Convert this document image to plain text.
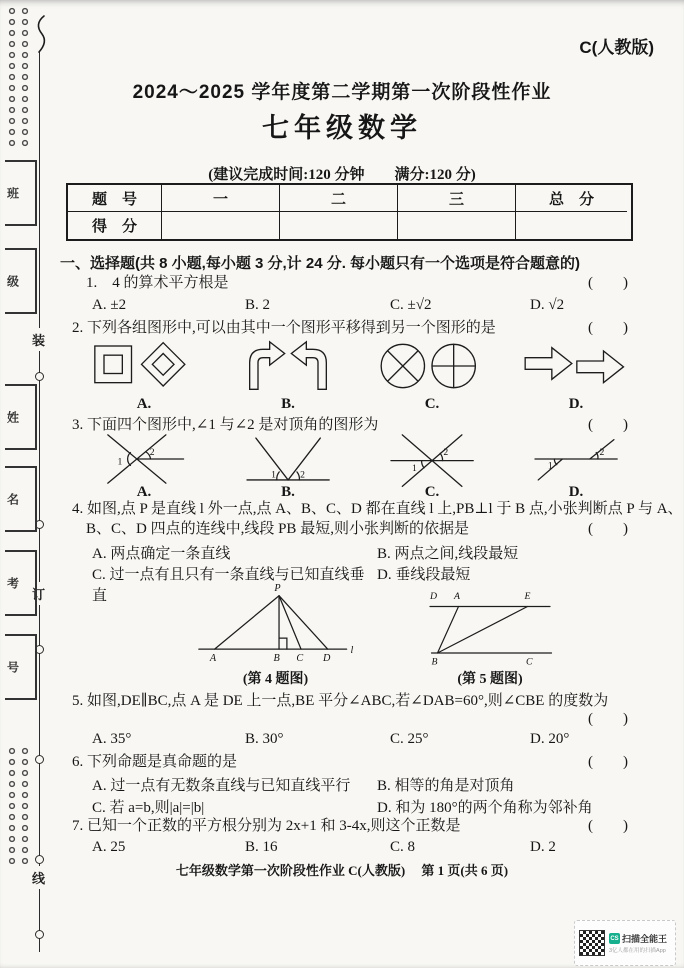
装
订
线
班
级
姓
名
考
号
C(人教版)
2024～2025 学年度第二学期第一次阶段性作业
七年级数学
(建议完成时间:120 分钟　　满分:120 分)
题　号	一	二	三	总　分
得　分
一、选择题(共 8 小题,每小题 3 分,计 24 分. 每小题只有一个选项是符合题意的)
1.　4 的算术平方根是	(　　)
A. ±2	B. 2	C. ±√2	D. √2
2. 下列各组图形中,可以由其中一个图形平移得到另一个图形的是	(　　)
A.	B.	C.	D.
3. 下面四个图形中,∠1 与∠2 是对顶角的图形为	(　　)
1
2
1 2
1
2
1
2
A.	B.	C.	D.
4. 如图,点 P 是直线 l 外一点,点 A、B、C、D 都在直线 l 上,PB⊥l 于 B 点,小张判断点 P 与 A、
B、C、D 四点的连线中,线段 PB 最短,则小张判断的依据是	(　　)
A. 两点确定一条直线	B. 两点之间,线段最短
C. 过一点有且只有一条直线与已知直线垂直
D. 垂线段最短
P
A	B C D
l
(第 4 题图)
D A	E
B	C
(第 5 题图)
5. 如图,DE∥BC,点 A 是 DE 上一点,BE 平分∠ABC,若∠DAB=60°,则∠CBE 的度数为
(　　)
A. 35°	B. 30°	C. 25°	D. 20°
6. 下列命题是真命题的是	(　　)
A. 过一点有无数条直线与已知直线平行	B. 相等的角是对顶角
C. 若 a=b,则|a|=|b|	D. 和为 180°的两个角称为邻补角
7. 已知一个正数的平方根分别为 2x+1 和 3-4x,则这个正数是	(　　)
A. 25	B. 16	C. 8	D. 2
七年级数学第一次阶段性作业 C(人教版)　 第 1 页(共 6 页)
CS 扫描全能王
3亿人都在用的扫描App
